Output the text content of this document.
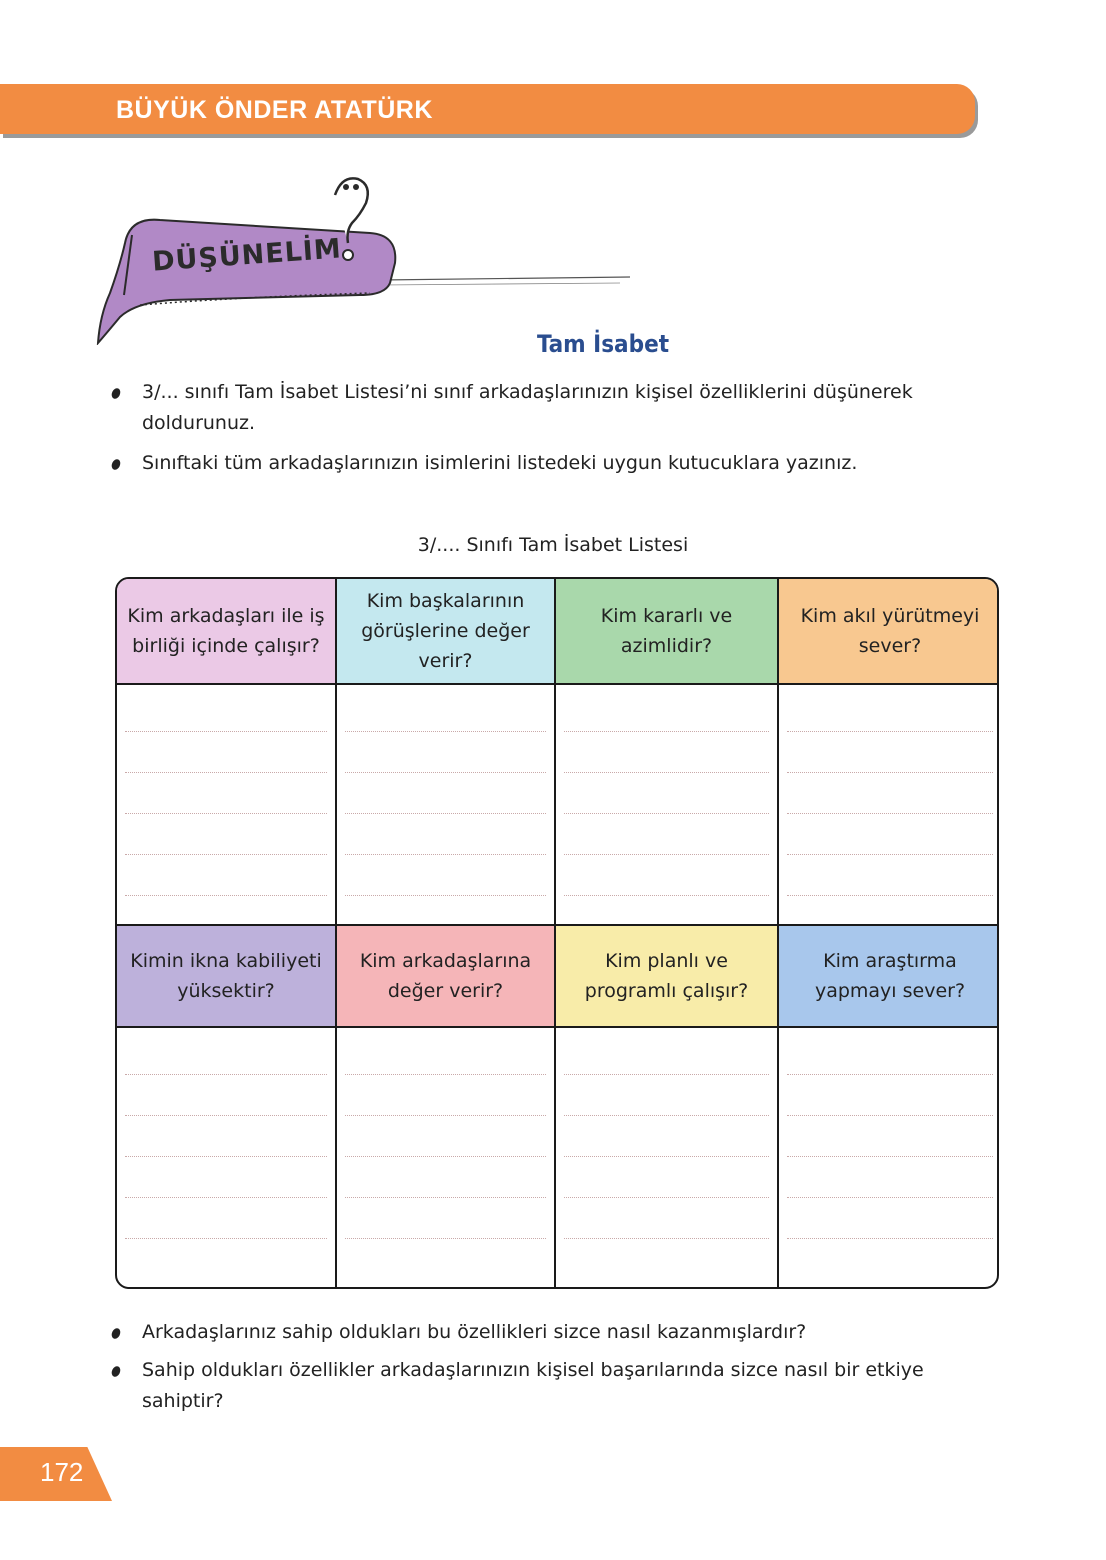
BÜYÜK ÖNDER ATATÜRK
DÜŞÜNELİM
Tam İsabet
3/... sınıfı Tam İsabet Listesi’ni sınıf arkadaşlarınızın kişisel özelliklerini düşünerek doldurunuz.
Sınıftaki tüm arkadaşlarınızın isimlerini listedeki uygun kutucuklara yazınız.
3/.... Sınıfı Tam İsabet Listesi
Kim arkadaşları ile iş birliği içinde çalışır?
Kim başkalarının görüşlerine değer verir?
Kim kararlı ve azimlidir?
Kim akıl yürütmeyi sever?
Kimin ikna kabiliyeti yüksektir?
Kim arkadaşlarına değer verir?
Kim planlı ve programlı çalışır?
Kim araştırma yapmayı sever?
Arkadaşlarınız sahip oldukları bu özellikleri sizce nasıl kazanmışlardır?
Sahip oldukları özellikler arkadaşlarınızın kişisel başarılarında sizce nasıl bir etkiye sahiptir?
172
